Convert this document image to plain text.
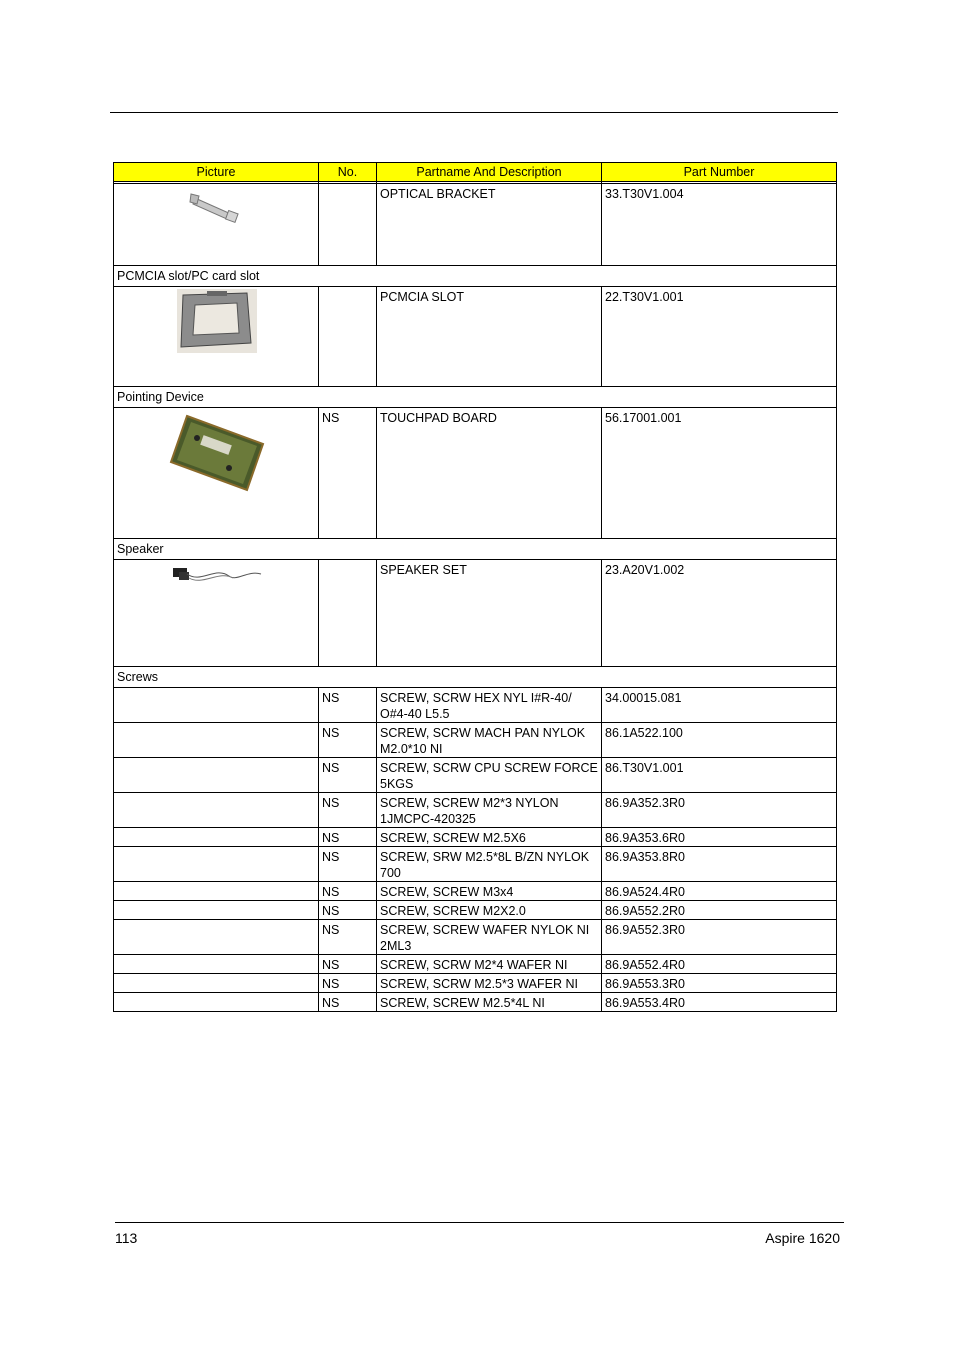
Picture	No.	Partname And Description	Part Number

		OPTICAL BRACKET	33.T30V1.004
PCMCIA slot/PC card slot			
		PCMCIA SLOT	22.T30V1.001
Pointing Device			
	NS	TOUCHPAD BOARD	56.17001.001
Speaker			
		SPEAKER SET	23.A20V1.002
Screws			
	NS	SCREW, SCRW HEX NYL I#R-40/ O#4-40 L5.5	34.00015.081
	NS	SCREW, SCRW MACH PAN NYLOK M2.0*10 NI	86.1A522.100
	NS	SCREW, SCRW CPU SCREW FORCE 5KGS	86.T30V1.001
	NS	SCREW, SCREW M2*3 NYLON 1JMCPC-420325	86.9A352.3R0
	NS	SCREW, SCREW M2.5X6	86.9A353.6R0
	NS	SCREW, SRW M2.5*8L B/ZN NYLOK 700	86.9A353.8R0
	NS	SCREW, SCREW M3x4	86.9A524.4R0
	NS	SCREW, SCREW M2X2.0	86.9A552.2R0
	NS	SCREW, SCREW WAFER NYLOK NI 2ML3	86.9A552.3R0
	NS	SCREW, SCRW M2*4 WAFER NI	86.9A552.4R0
	NS	SCREW, SCRW M2.5*3 WAFER NI	86.9A553.3R0
	NS	SCREW, SCREW M2.5*4L NI	86.9A553.4R0
113	Aspire 1620
